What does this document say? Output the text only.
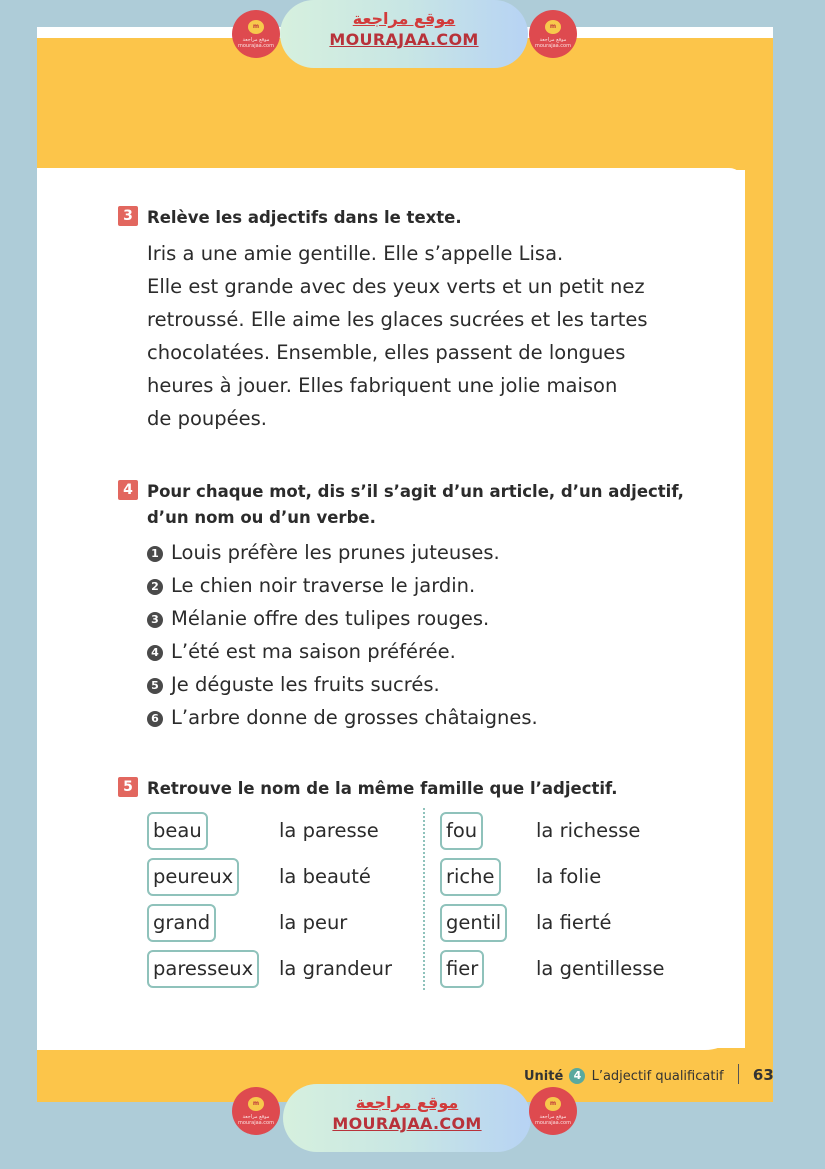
m
موقع مراجعة mourajaa.com
موقع مراجعة
MOURAJAA.COM
m
موقع مراجعة mourajaa.com
3 Relève les adjectifs dans le texte.
Iris a une amie gentille. Elle s’appelle Lisa.
Elle est grande avec des yeux verts et un petit nez
retroussé. Elle aime les glaces sucrées et les tartes
chocolatées. Ensemble, elles passent de longues
heures à jouer. Elles fabriquent une jolie maison
de poupées.
4 Pour chaque mot, dis s’il s’agit d’un article, d’un adjectif,
d’un nom ou d’un verbe.
1 Louis préfère les prunes juteuses.
2 Le chien noir traverse le jardin.
3 Mélanie offre des tulipes rouges.
4 L’été est ma saison préférée.
5 Je déguste les fruits sucrés.
6 L’arbre donne de grosses châtaignes.
5 Retrouve le nom de la même famille que l’adjectif.
beau
peureux
grand
paresseux
la paresse
la beauté
la peur
la grandeur
fou
riche
gentil
fier
la richesse
la folie
la fierté
la gentillesse
Unité 4 L’adjectif qualificatif 63
m
موقع مراجعة mourajaa.com
موقع مراجعة
MOURAJAA.COM
m
موقع مراجعة mourajaa.com
